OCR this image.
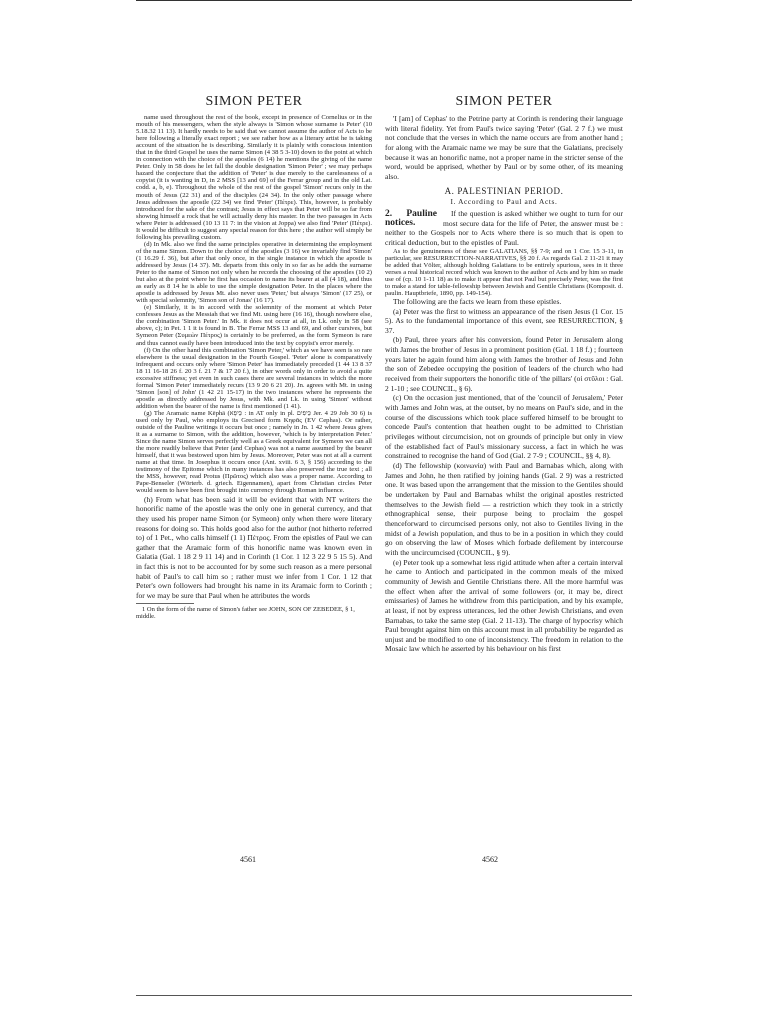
SIMON PETER

name used throughout the rest of the book, except in presence of Cornelius or in the mouth of his messengers, when the style always is 'Simon whose surname is Peter' (10 5.18.32 11 13). It hardly needs to be said that we cannot assume the author of Acts to be here following a literally exact report ; we see rather how as a literary artist he is taking account of the situation he is describing. Similarly it is plainly with conscious intention that in the third Gospel he uses the name Simon (4 38 5 3-10) down to the point at which in connection with the choice of the apostles (6 14) he mentions the giving of the name Peter. Only in 58 does he let fall the double designation 'Simon Peter' ; we may perhaps hazard the conjecture that the addition of 'Peter' is due merely to the carelessness of a copyist (it is wanting in D, in 2 MSS [13 and 69] of the Ferrar group and in the old Lat. codd. a, b, e). Throughout the whole of the rest of the gospel 'Simon' recurs only in the mouth of Jesus (22 31) and of the disciples (24 34). In the only other passage where Jesus addresses the apostle (22 34) we find 'Peter' (Πέτρε). This, however, is probably introduced for the sake of the contrast; Jesus in effect says that Peter will be so far from showing himself a rock that he will actually deny his master. In the two passages in Acts where Peter is addressed (10 13 11 7: in the vision at Joppa) we also find 'Peter' (Πέτρε). It would be difficult to suggest any special reason for this here ; the author will simply be following his prevailing custom.

(d) In Mk. also we find the same principles operative in determining the employment of the name Simon. Down to the choice of the apostles (3 16) we invariably find 'Simon' (1 16.29 f. 36), but after that only once, in the single instance in which the apostle is addressed by Jesus (14 37). Mt. departs from this only in so far as he adds the surname Peter to the name of Simon not only when he records the choosing of the apostles (10 2) but also at the point where he first has occasion to name its bearer at all (4 18), and thus as early as 8 14 he is able to use the simple designation Peter. In the places where the apostle is addressed by Jesus Mt. also never uses 'Peter,' but always 'Simon' (17 25), or with special solemnity, 'Simon son of Jonas' (16 17).

(e) Similarly, it is in accord with the solemnity of the moment at which Peter confesses Jesus as the Messiah that we find Mt. using here (16 16), though nowhere else, the combination 'Simon Peter.' In Mk. it does not occur at all, in Lk. only in 58 (see above, c); in Pet. 1 1 it is found in B. The Ferrar MSS 13 and 69, and other cursives, but Symeon Peter (Συμεὼν Πέτρος) is certainly to be preferred, as the form Symeon is rare and thus cannot easily have been introduced into the text by copyist's error merely.

(f) On the other hand this combination 'Simon Peter,' which as we have seen is so rare elsewhere is the usual designation in the Fourth Gospel. 'Peter' alone is comparatively infrequent and occurs only where 'Simon Peter' has immediately preceded (1 44 13 8 37 18 11 16-18 26 f. 20 3 f. 21 7 & 17 20 f.), in other words only in order to avoid a quite excessive stiffness; yet even in such cases there are several instances in which the more formal 'Simon Peter' immediately recurs (13 9 20 6 21 20). Jn. agrees with Mt. in using 'Simon [son] of John' (1 42 21 15-17) in the two instances where he represents the apostle as directly addressed by Jesus, with Mk. and Lk. in using 'Simon' without addition when the bearer of the name is first mentioned (1 41).

(g) The Aramaic name Kēphā (כֵּיפָא : in AT only in pl. כֵּיפִים Jer. 4 29 Job 30 6) is used only by Paul, who employs its Grecised form Κηφᾶς (EV Cephas). Or rather, outside of the Pauline writings it occurs but once ; namely in Jn. 1 42 where Jesus gives it as a surname to Simon, with the addition, however, 'which is by interpretation Peter.' Since the name Simon serves perfectly well as a Greek equivalent for Symeon we can all the more readily believe that Peter (and Cephas) was not a name assumed by the bearer himself, that it was bestowed upon him by Jesus. Moreover, Peter was not at all a current name at that time. In Josephus it occurs once (Ant. xviii. 6 3, § 156) according to the testimony of the Epitome which in many instances has also preserved the true text ; all the MSS, however, read Protus (Πρῶτος) which also was a proper name. According to Pape-Benseler (Wörterb. d. griech. Eigennamen), apart from Christian circles Peter would seem to have been first brought into currency through Roman influence.

(h) From what has been said it will be evident that with NT writers the honorific name of the apostle was the only one in general currency, and that they used his proper name Simon (or Symeon) only when there were literary reasons for doing so. This holds good also for the author (not hitherto referred to) of 1 Pet., who calls himself (1 1) Πέτρος. From the epistles of Paul we can gather that the Aramaic form of this honorific name was known even in Galatia (Gal. 1 18 2 9 11 14) and in Corinth (1 Cor. 1 12 3 22 9 5 15 5). And in fact this is not to be accounted for by some such reason as a mere personal habit of Paul's to call him so ; rather must we infer from 1 Cor. 1 12 that Peter's own followers had brought his name in its Aramaic form to Corinth ; for we may be sure that Paul when he attributes the words

1 On the form of the name of Simon's father see JOHN, SON OF ZEBEDEE, § 1, middle.
SIMON PETER

'I [am] of Cephas' to the Petrine party at Corinth is rendering their language with literal fidelity. Yet from Paul's twice saying 'Peter' (Gal. 2 7 f.) we must not conclude that the verses in which the name occurs are from another hand ; for along with the Aramaic name we may be sure that the Galatians, precisely because it was an honorific name, not a proper name in the stricter sense of the word, would be apprised, whether by Paul or by some other, of its meaning also.

A. PALESTINIAN PERIOD.
I. According to Paul and Acts.
2. Pauline notices.

If the question is asked whither we ought to turn for our most secure data for the life of Peter, the answer must be : neither to the Gospels nor to Acts where there is so much that is open to critical deduction, but to the epistles of Paul.

As to the genuineness of these see GALATIANS, §§ 7-9; and on 1 Cor. 15 3-11, in particular, see RESURRECTION-NARRATIVES, §§ 20 f. As regards Gal. 2 11-21 it may be added that Völter, although holding Galatians to be entirely spurious, sees in it three verses a real historical record which was known to the author of Acts and by him so made use of (cp. 10 1-11 18) as to make it appear that not Paul but precisely Peter, was the first to make a stand for table-fellowship between Jewish and Gentile Christians (Komposit. d. paulin. Hauptbriefe, 1890, pp. 149-154).

The following are the facts we learn from these epistles.

(a) Peter was the first to witness an appearance of the risen Jesus (1 Cor. 15 5). As to the fundamental importance of this event, see RESURRECTION, § 37.

(b) Paul, three years after his conversion, found Peter in Jerusalem along with James the brother of Jesus in a prominent position (Gal. 1 18 f.) ; fourteen years later he again found him along with James the brother of Jesus and John the son of Zebedee occupying the position of leaders of the church who had received from their supporters the honorific title of 'the pillars' (οἱ στῦλοι : Gal. 2 1-10 ; see COUNCIL, § 6).

(c) On the occasion just mentioned, that of the 'council of Jerusalem,' Peter with James and John was, at the outset, by no means on Paul's side, and in the course of the discussions which took place suffered himself to be brought to concede Paul's contention that heathen ought to be admitted to Christian privileges without circumcision, not on grounds of principle but only in view of the established fact of Paul's missionary success, a fact in which he was constrained to recognise the hand of God (Gal. 2 7-9 ; COUNCIL, §§ 4, 8).

(d) The fellowship (κοινωνία) with Paul and Barnabas which, along with James and John, he then ratified by joining hands (Gal. 2 9) was a restricted one. It was based upon the arrangement that the mission to the Gentiles should be undertaken by Paul and Barnabas whilst the original apostles restricted themselves to the Jewish field — a restriction which they took in a strictly ethnographical sense, their purpose being to proclaim the gospel thenceforward to circumcised persons only, not also to Gentiles living in the midst of a Jewish population, and thus to be in a position in which they could go on observing the law of Moses which forbade defilement by intercourse with the uncircumcised (COUNCIL, § 9).

(e) Peter took up a somewhat less rigid attitude when after a certain interval he came to Antioch and participated in the common meals of the mixed community of Jewish and Gentile Christians there. All the more harmful was the effect when after the arrival of some followers (or, it may be, direct emissaries) of James he withdrew from this participation, and by his example, at least, if not by express utterances, led the other Jewish Christians, and even Barnabas, to take the same step (Gal. 2 11-13). The charge of hypocrisy which Paul brought against him on this account must in all probability be regarded as unjust and be modified to one of inconsistency. The freedom in relation to the Mosaic law which he asserted by his behaviour on his first

4561	4562
